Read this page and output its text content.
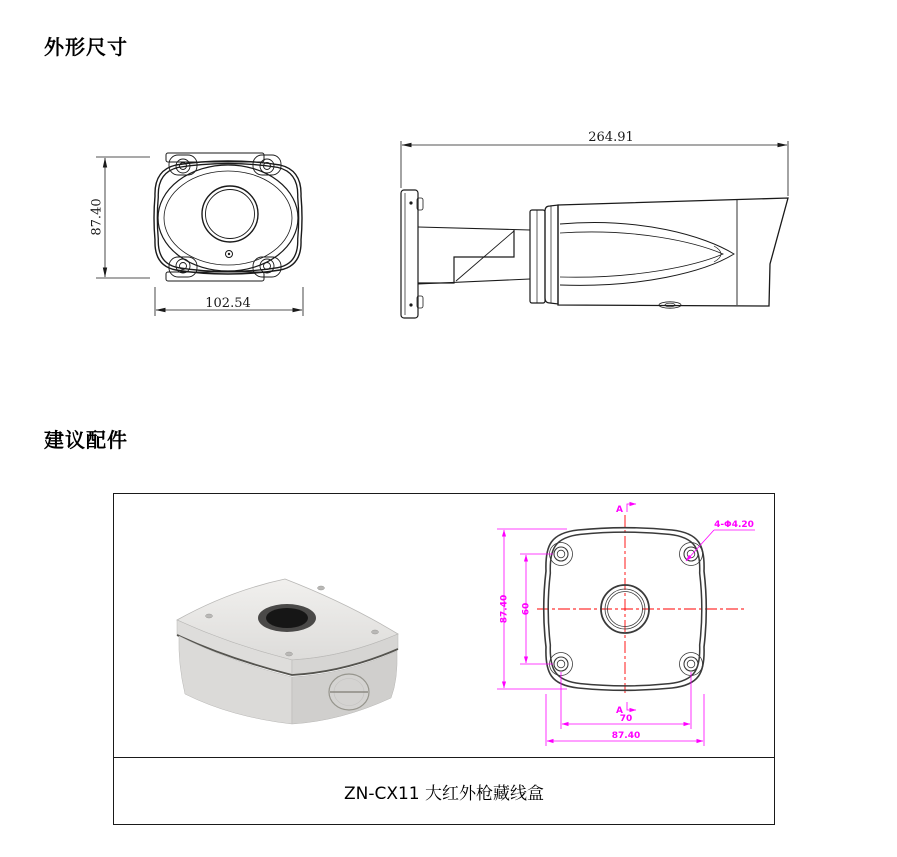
外形尺寸
87.40
102.54
264.91
建议配件
87.40 60
70
87.40
4-Φ4.20
A
A
ZN-CX11 大红外枪藏线盒
